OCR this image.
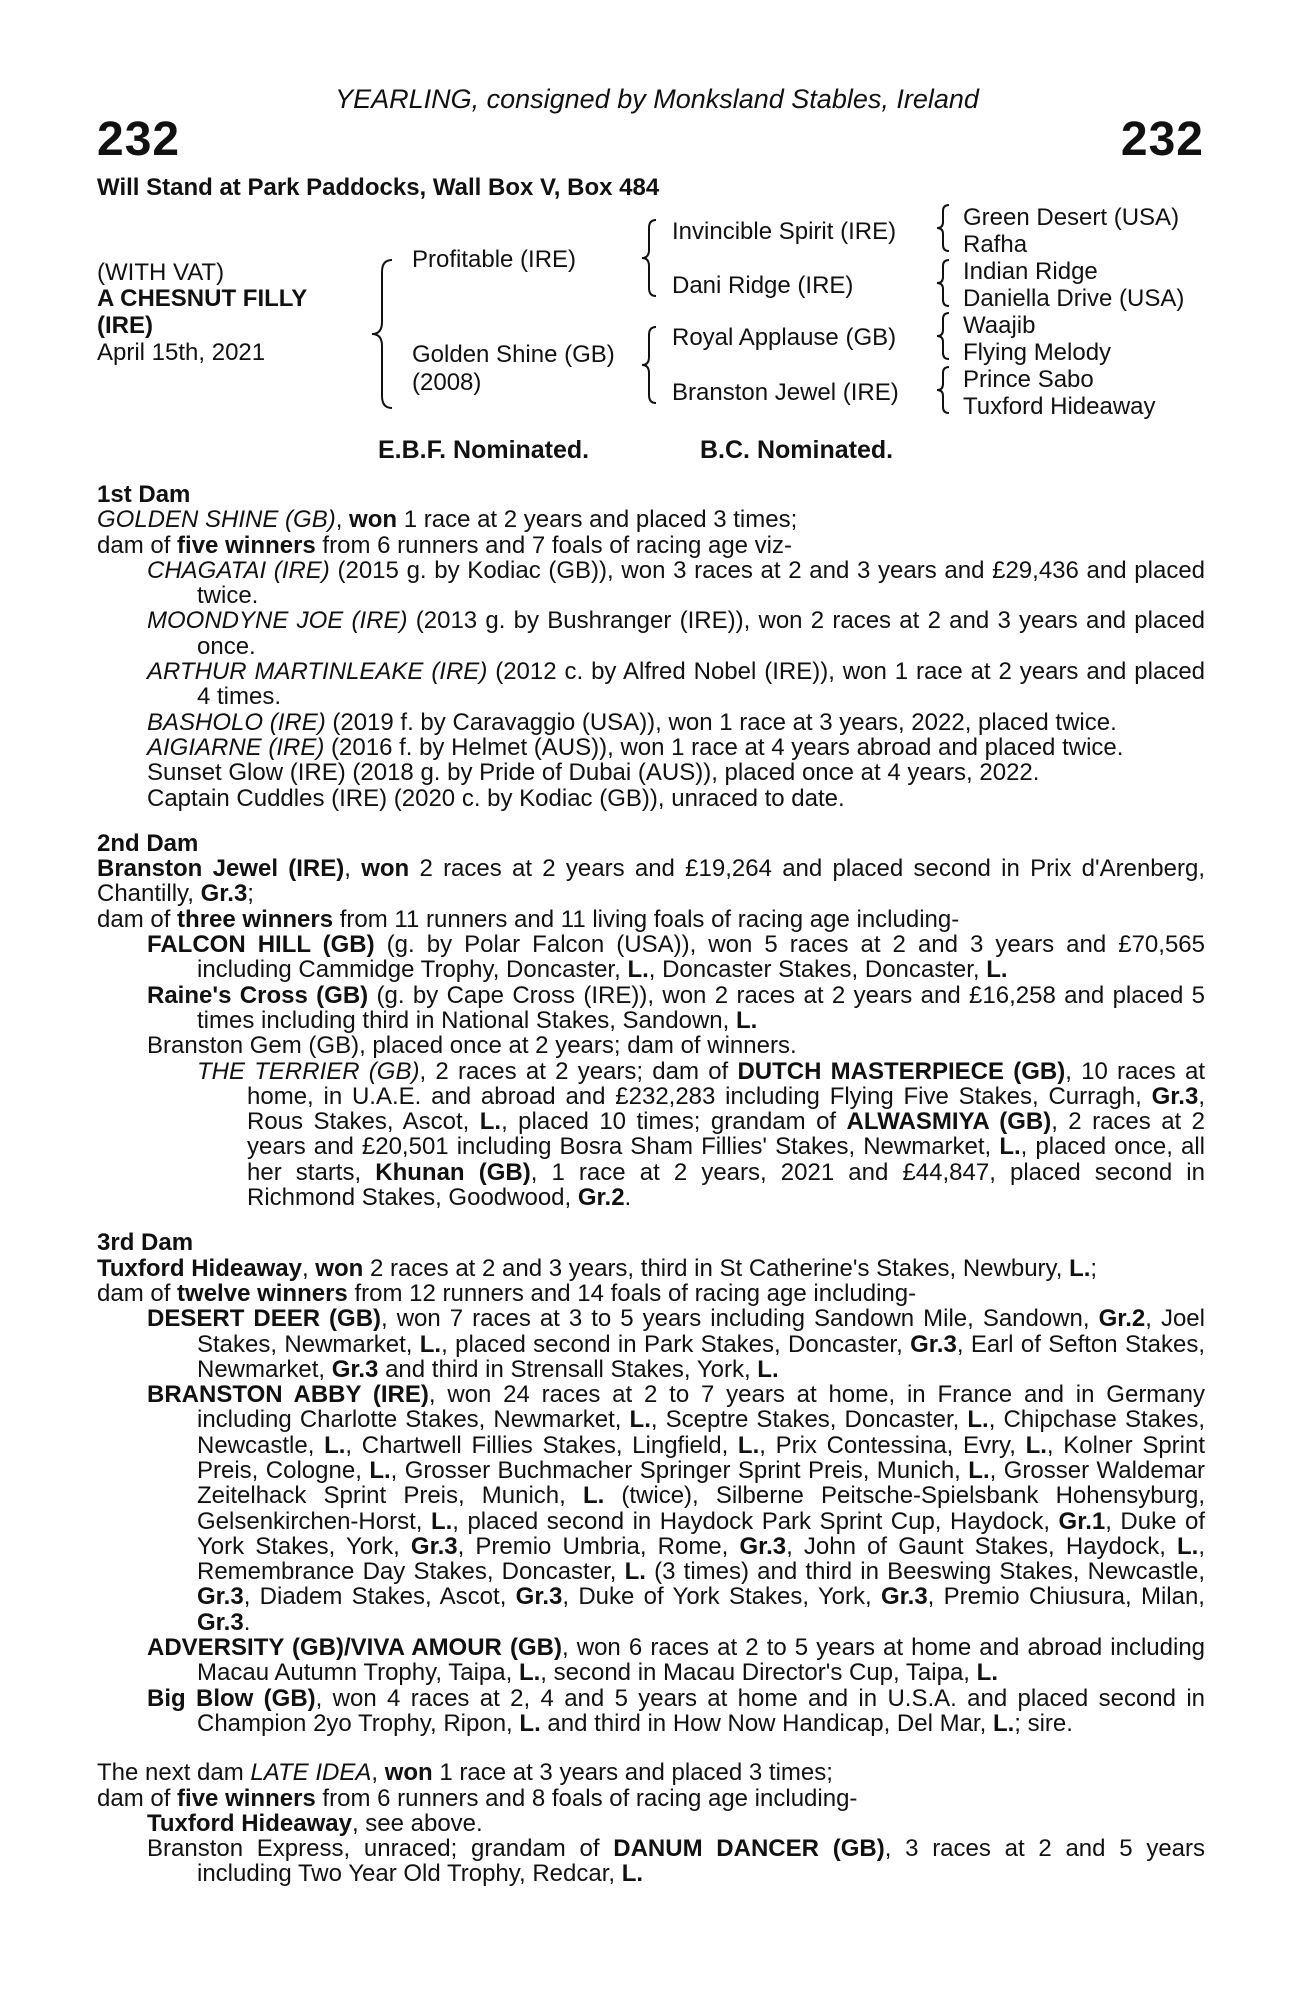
YEARLING, consigned by Monksland Stables, Ireland
232	232
Will Stand at Park Paddocks, Wall Box V, Box 484
(WITH VAT)
A CHESNUT FILLY
(IRE)
April 15th, 2021
Profitable (IRE)
Golden Shine (GB)
(2008)
Invincible Spirit (IRE)
Dani Ridge (IRE)
Royal Applause (GB)
Branston Jewel (IRE)
Green Desert (USA)
Rafha
Indian Ridge
Daniella Drive (USA)
Waajib
Flying Melody
Prince Sabo
Tuxford Hideaway
E.B.F. Nominated.	B.C. Nominated.
1st Dam

GOLDEN SHINE (GB), won 1 race at 2 years and placed 3 times;

dam of five winners from 6 runners and 7 foals of racing age viz-

CHAGATAI (IRE) (2015 g. by Kodiac (GB)), won 3 races at 2 and 3 years and £29,436 and placed twice.

MOONDYNE JOE (IRE) (2013 g. by Bushranger (IRE)), won 2 races at 2 and 3 years and placed once.

ARTHUR MARTINLEAKE (IRE) (2012 c. by Alfred Nobel (IRE)), won 1 race at 2 years and placed 4 times.

BASHOLO (IRE) (2019 f. by Caravaggio (USA)), won 1 race at 3 years, 2022, placed twice.

AIGIARNE (IRE) (2016 f. by Helmet (AUS)), won 1 race at 4 years abroad and placed twice.

Sunset Glow (IRE) (2018 g. by Pride of Dubai (AUS)), placed once at 4 years, 2022.

Captain Cuddles (IRE) (2020 c. by Kodiac (GB)), unraced to date.

2nd Dam

Branston Jewel (IRE), won 2 races at 2 years and £19,264 and placed second in Prix d'Arenberg, Chantilly, Gr.3;

dam of three winners from 11 runners and 11 living foals of racing age including-

FALCON HILL (GB) (g. by Polar Falcon (USA)), won 5 races at 2 and 3 years and £70,565 including Cammidge Trophy, Doncaster, L., Doncaster Stakes, Doncaster, L.

Raine's Cross (GB) (g. by Cape Cross (IRE)), won 2 races at 2 years and £16,258 and placed 5 times including third in National Stakes, Sandown, L.

Branston Gem (GB), placed once at 2 years; dam of winners.

THE TERRIER (GB), 2 races at 2 years; dam of DUTCH MASTERPIECE (GB), 10 races at home, in U.A.E. and abroad and £232,283 including Flying Five Stakes, Curragh, Gr.3, Rous Stakes, Ascot, L., placed 10 times; grandam of ALWASMIYA (GB), 2 races at 2 years and £20,501 including Bosra Sham Fillies' Stakes, Newmarket, L., placed once, all her starts, Khunan (GB), 1 race at 2 years, 2021 and £44,847, placed second in Richmond Stakes, Goodwood, Gr.2.

3rd Dam

Tuxford Hideaway, won 2 races at 2 and 3 years, third in St Catherine's Stakes, Newbury, L.;

dam of twelve winners from 12 runners and 14 foals of racing age including-

DESERT DEER (GB), won 7 races at 3 to 5 years including Sandown Mile, Sandown, Gr.2, Joel Stakes, Newmarket, L., placed second in Park Stakes, Doncaster, Gr.3, Earl of Sefton Stakes, Newmarket, Gr.3 and third in Strensall Stakes, York, L.

BRANSTON ABBY (IRE), won 24 races at 2 to 7 years at home, in France and in Germany including Charlotte Stakes, Newmarket, L., Sceptre Stakes, Doncaster, L., Chipchase Stakes, Newcastle, L., Chartwell Fillies Stakes, Lingfield, L., Prix Contessina, Evry, L., Kolner Sprint Preis, Cologne, L., Grosser Buchmacher Springer Sprint Preis, Munich, L., Grosser Waldemar Zeitelhack Sprint Preis, Munich, L. (twice), Silberne Peitsche-Spielsbank Hohensyburg, Gelsenkirchen-Horst, L., placed second in Haydock Park Sprint Cup, Haydock, Gr.1, Duke of York Stakes, York, Gr.3, Premio Umbria, Rome, Gr.3, John of Gaunt Stakes, Haydock, L., Remembrance Day Stakes, Doncaster, L. (3 times) and third in Beeswing Stakes, Newcastle, Gr.3, Diadem Stakes, Ascot, Gr.3, Duke of York Stakes, York, Gr.3, Premio Chiusura, Milan, Gr.3.

ADVERSITY (GB)/VIVA AMOUR (GB), won 6 races at 2 to 5 years at home and abroad including Macau Autumn Trophy, Taipa, L., second in Macau Director's Cup, Taipa, L.

Big Blow (GB), won 4 races at 2, 4 and 5 years at home and in U.S.A. and placed second in Champion 2yo Trophy, Ripon, L. and third in How Now Handicap, Del Mar, L.; sire.

The next dam LATE IDEA, won 1 race at 3 years and placed 3 times;

dam of five winners from 6 runners and 8 foals of racing age including-

Tuxford Hideaway, see above.

Branston Express, unraced; grandam of DANUM DANCER (GB), 3 races at 2 and 5 years including Two Year Old Trophy, Redcar, L.
